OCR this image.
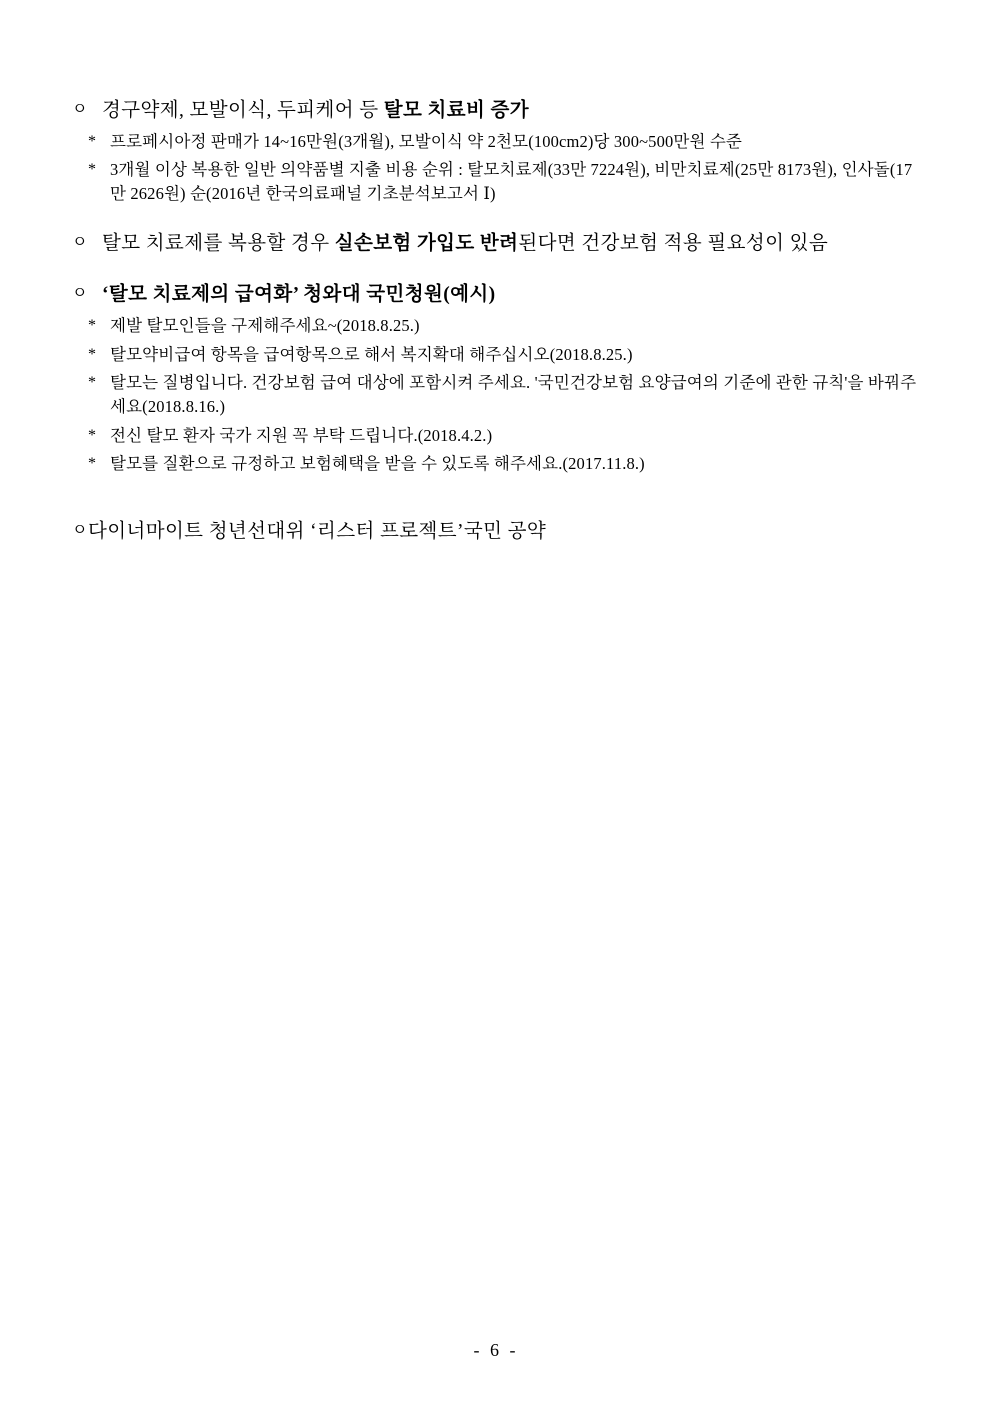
ㅇ 경구약제, 모발이식, 두피케어 등 탈모 치료비 증가
* 프로페시아정 판매가 14~16만원(3개월), 모발이식 약 2천모(100cm2)당 300~500만원 수준
* 3개월 이상 복용한 일반 의약품별 지출 비용 순위 : 탈모치료제(33만 7224원), 비만치료제(25만 8173원), 인사돌(17만 2626원) 순(2016년 한국의료패널 기초분석보고서 Ⅰ)
ㅇ 탈모 치료제를 복용할 경우 실손보험 가입도 반려된다면 건강보험 적용 필요성이 있음
ㅇ ‘탈모 치료제의 급여화’ 청와대 국민청원(예시)
* 제발 탈모인들을 구제해주세요~(2018.8.25.)
* 탈모약비급여 항목을 급여항목으로 해서 복지확대 해주십시오(2018.8.25.)
* 탈모는 질병입니다. 건강보험 급여 대상에 포함시켜 주세요. '국민건강보험 요양급여의 기준에 관한 규칙'을 바꿔주세요(2018.8.16.)
* 전신 탈모 환자 국가 지원 꼭 부탁 드립니다.(2018.4.2.)
* 탈모를 질환으로 규정하고 보험혜택을 받을 수 있도록 해주세요.(2017.11.8.)
ㅇ 다이너마이트 청년선대위 ‘리스터 프로젝트’국민 공약
- 6 -
